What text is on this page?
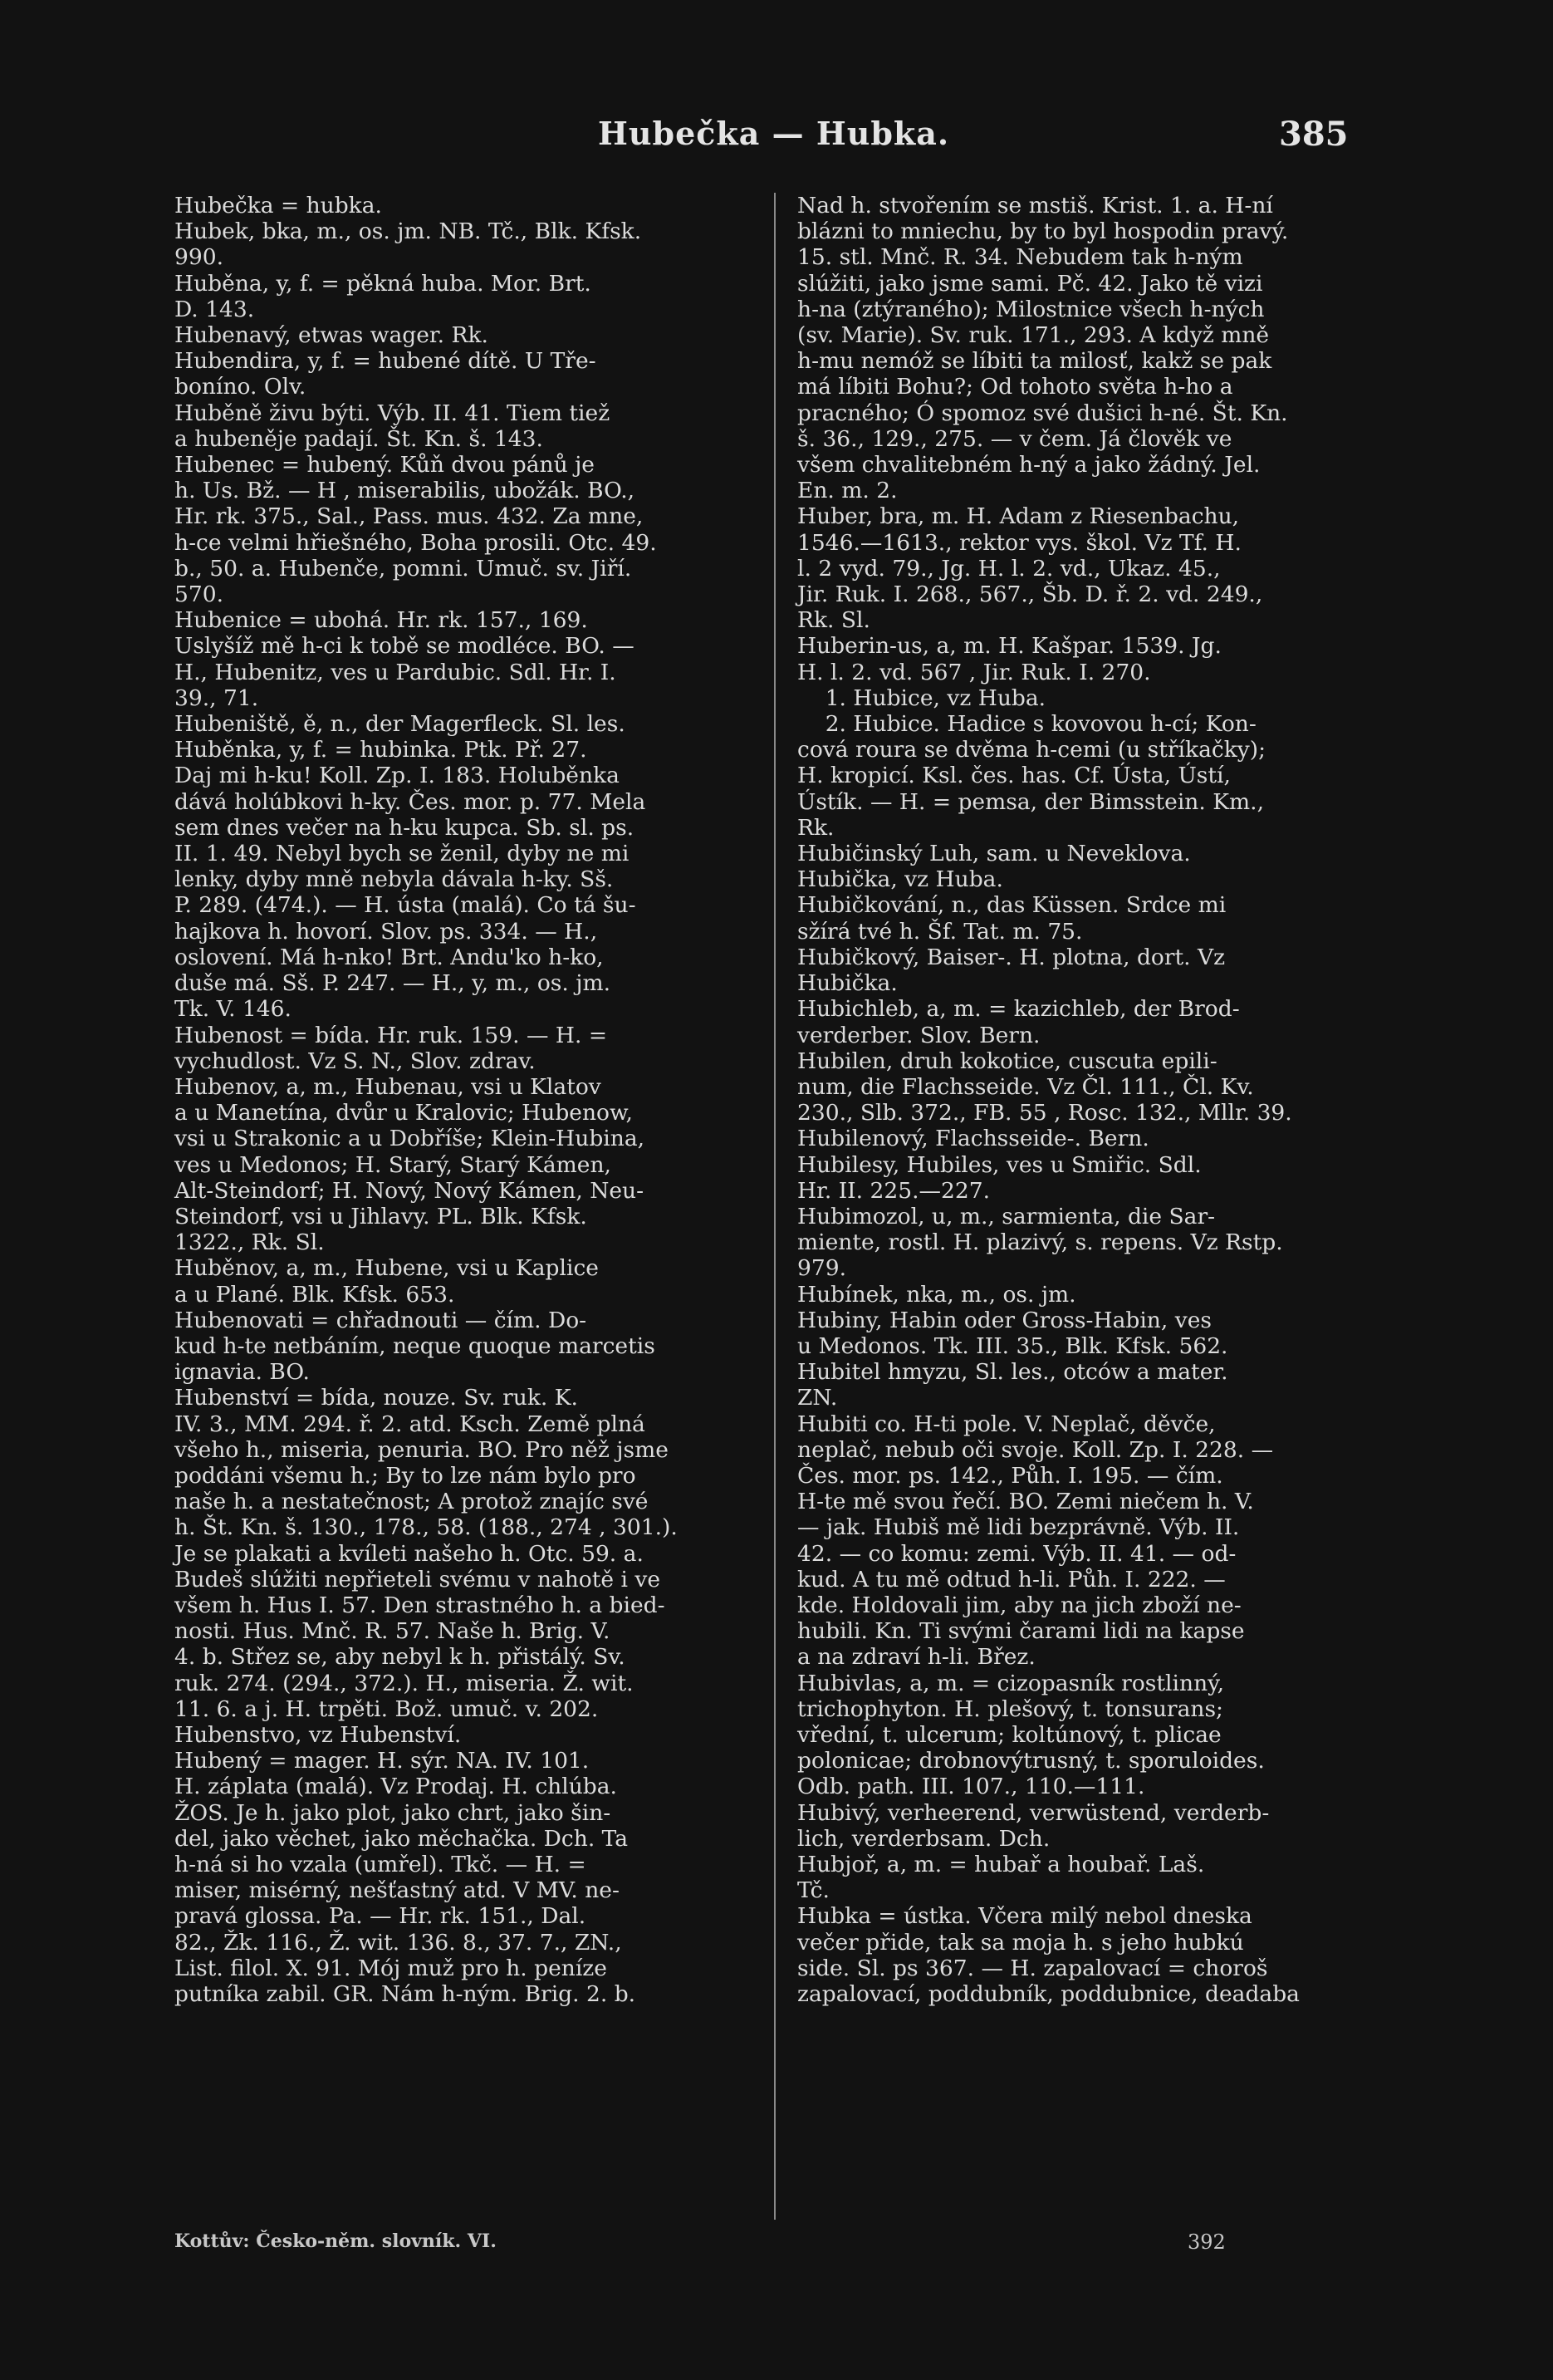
Hubečka — Hubka.	385
Hubečka = hubka.
Hubek, bka, m., os. jm. NB. Tč., Blk. Kfsk.
990.
Huběna, y, f. = pěkná huba. Mor. Brt.
D. 143.
Hubenavý, etwas wager. Rk.
Hubendira, y, f. = hubené dítě. U Tře-
boníno. Olv.
Huběně živu býti. Výb. II. 41. Tiem tiež
a hubeněje padají. Št. Kn. š. 143.
Hubenec = hubený. Kůň dvou pánů je
h. Us. Bž. — H , miserabilis, ubožák. BO.,
Hr. rk. 375., Sal., Pass. mus. 432. Za mne,
h-ce velmi hřiešného, Boha prosili. Otc. 49.
b., 50. a. Hubenče, pomni. Umuč. sv. Jiří.
570.
Hubenice = ubohá. Hr. rk. 157., 169.
Uslyšíž mě h-ci k tobě se modléce. BO. —
H., Hubenitz, ves u Pardubic. Sdl. Hr. I.
39., 71.
Hubeniště, ě, n., der Magerfleck. Sl. les.
Huběnka, y, f. = hubinka. Ptk. Př. 27.
Daj mi h-ku! Koll. Zp. I. 183. Holuběnka
dává holúbkovi h-ky. Čes. mor. p. 77. Mela
sem dnes večer na h-ku kupca. Sb. sl. ps.
II. 1. 49. Nebyl bych se ženil, dyby ne mi
lenky, dyby mně nebyla dávala h-ky. Sš.
P. 289. (474.). — H. ústa (malá). Co tá šu-
hajkova h. hovorí. Slov. ps. 334. — H.,
oslovení. Má h-nko! Brt. Andu'ko h-ko,
duše má. Sš. P. 247. — H., y, m., os. jm.
Tk. V. 146.
Hubenost = bída. Hr. ruk. 159. — H. =
vychudlost. Vz S. N., Slov. zdrav.
Hubenov, a, m., Hubenau, vsi u Klatov
a u Manetína, dvůr u Kralovic; Hubenow,
vsi u Strakonic a u Dobříše; Klein-Hubina,
ves u Medonos; H. Starý, Starý Kámen,
Alt-Steindorf; H. Nový, Nový Kámen, Neu-
Steindorf, vsi u Jihlavy. PL. Blk. Kfsk.
1322., Rk. Sl.
Huběnov, a, m., Hubene, vsi u Kaplice
a u Plané. Blk. Kfsk. 653.
Hubenovati = chřadnouti — čím. Do-
kud h-te netbáním, neque quoque marcetis
ignavia. BO.
Hubenství = bída, nouze. Sv. ruk. K.
IV. 3., MM. 294. ř. 2. atd. Ksch. Země plná
všeho h., miseria, penuria. BO. Pro něž jsme
poddáni všemu h.; By to lze nám bylo pro
naše h. a nestatečnost; A protož znajíc své
h. Št. Kn. š. 130., 178., 58. (188., 274 , 301.).
Je se plakati a kvíleti našeho h. Otc. 59. a.
Budeš slúžiti nepřieteli svému v nahotě i ve
všem h. Hus I. 57. Den strastného h. a bied-
nosti. Hus. Mnč. R. 57. Naše h. Brig. V.
4. b. Střez se, aby nebyl k h. přistálý. Sv.
ruk. 274. (294., 372.). H., miseria. Ž. wit.
11. 6. a j. H. trpěti. Bož. umuč. v. 202.
Hubenstvo, vz Hubenství.
Hubený = mager. H. sýr. NA. IV. 101.
H. záplata (malá). Vz Prodaj. H. chlúba.
ŽOS. Je h. jako plot, jako chrt, jako šin-
del, jako věchet, jako měchačka. Dch. Ta
h-ná si ho vzala (umřel). Tkč. — H. =
miser, misérný, nešťastný atd. V MV. ne-
pravá glossa. Pa. — Hr. rk. 151., Dal.
82., Žk. 116., Ž. wit. 136. 8., 37. 7., ZN.,
List. filol. X. 91. Mój muž pro h. peníze
putníka zabil. GR. Nám h-ným. Brig. 2. b.
Nad h. stvořením se mstiš. Krist. 1. a. H-ní
blázni to mniechu, by to byl hospodin pravý.
15. stl. Mnč. R. 34. Nebudem tak h-ným
slúžiti, jako jsme sami. Pč. 42. Jako tě vizi
h-na (ztýraného); Milostnice všech h-ných
(sv. Marie). Sv. ruk. 171., 293. A když mně
h-mu nemóž se líbiti ta milosť, kakž se pak
má líbiti Bohu?; Od tohoto světa h-ho a
pracného; Ó spomoz své dušici h-né. Št. Kn.
š. 36., 129., 275. — v čem. Já člověk ve
všem chvalitebném h-ný a jako žádný. Jel.
En. m. 2.
Huber, bra, m. H. Adam z Riesenbachu,
1546.—1613., rektor vys. škol. Vz Tf. H.
l. 2 vyd. 79., Jg. H. l. 2. vd., Ukaz. 45.,
Jir. Ruk. I. 268., 567., Šb. D. ř. 2. vd. 249.,
Rk. Sl.
Huberin-us, a, m. H. Kašpar. 1539. Jg.
H. l. 2. vd. 567 , Jir. Ruk. I. 270.
1. Hubice, vz Huba.
2. Hubice. Hadice s kovovou h-cí; Kon-
cová roura se dvěma h-cemi (u stříkačky);
H. kropicí. Ksl. čes. has. Cf. Ústa, Ústí,
Ústík. — H. = pemsa, der Bimsstein. Km.,
Rk.
Hubičinský Luh, sam. u Neveklova.
Hubička, vz Huba.
Hubičkování, n., das Küssen. Srdce mi
sžírá tvé h. Šf. Tat. m. 75.
Hubičkový, Baiser-. H. plotna, dort. Vz
Hubička.
Hubichleb, a, m. = kazichleb, der Brod-
verderber. Slov. Bern.
Hubilen, druh kokotice, cuscuta epili-
num, die Flachsseide. Vz Čl. 111., Čl. Kv.
230., Slb. 372., FB. 55 , Rosc. 132., Mllr. 39.
Hubilenový, Flachsseide-. Bern.
Hubilesy, Hubiles, ves u Smiřic. Sdl.
Hr. II. 225.—227.
Hubimozol, u, m., sarmienta, die Sar-
miente, rostl. H. plazivý, s. repens. Vz Rstp.
979.
Hubínek, nka, m., os. jm.
Hubiny, Habin oder Gross-Habin, ves
u Medonos. Tk. III. 35., Blk. Kfsk. 562.
Hubitel hmyzu, Sl. les., otców a mater.
ZN.
Hubiti co. H-ti pole. V. Neplač, děvče,
neplač, nebub oči svoje. Koll. Zp. I. 228. —
Čes. mor. ps. 142., Půh. I. 195. — čím.
H-te mě svou řečí. BO. Zemi niečem h. V.
— jak. Hubiš mě lidi bezprávně. Výb. II.
42. — co komu: zemi. Výb. II. 41. — od-
kud. A tu mě odtud h-li. Půh. I. 222. —
kde. Holdovali jim, aby na jich zboží ne-
hubili. Kn. Ti svými čarami lidi na kapse
a na zdraví h-li. Břez.
Hubivlas, a, m. = cizopasník rostlinný,
trichophyton. H. plešový, t. tonsurans;
vřední, t. ulcerum; koltúnový, t. plicae
polonicae; drobnovýtrusný, t. sporuloides.
Odb. path. III. 107., 110.—111.
Hubivý, verheerend, verwüstend, verderb-
lich, verderbsam. Dch.
Hubjoř, a, m. = hubař a houbař. Laš.
Tč.
Hubka = ústka. Včera milý nebol dneska
večer přide, tak sa moja h. s jeho hubkú
side. Sl. ps 367. — H. zapalovací = choroš
zapalovací, poddubník, poddubnice, deadaba
Kottův: Česko-něm. slovník. VI.	392
